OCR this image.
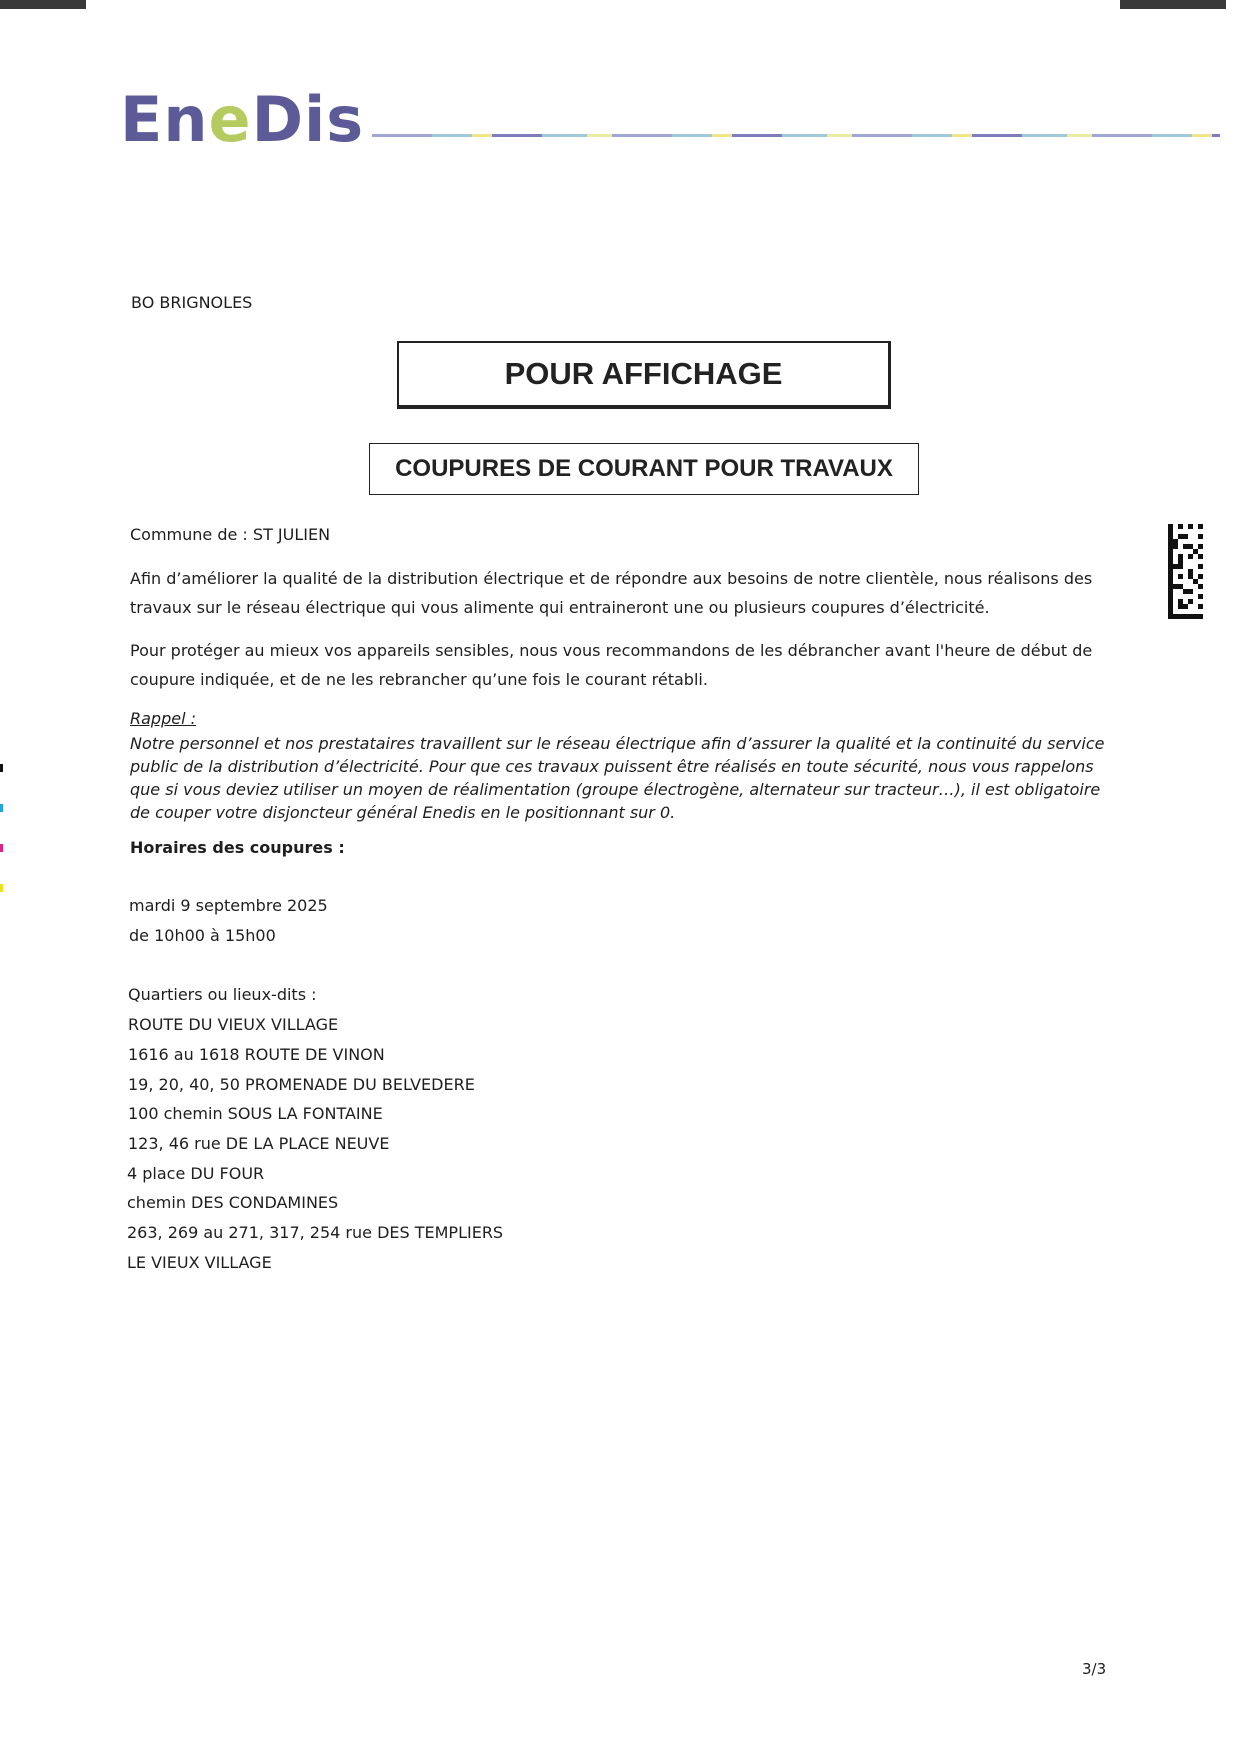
EneDis
BO BRIGNOLES
POUR AFFICHAGE
COUPURES DE COURANT POUR TRAVAUX
Commune de : ST JULIEN
Afin d’améliorer la qualité de la distribution électrique et de répondre aux besoins de notre clientèle, nous réalisons des travaux sur le réseau électrique qui vous alimente qui entraineront une ou plusieurs coupures d’électricité.
Pour protéger au mieux vos appareils sensibles, nous vous recommandons de les débrancher avant l'heure de début de coupure indiquée, et de ne les rebrancher qu’une fois le courant rétabli.
Rappel :
Notre personnel et nos prestataires travaillent sur le réseau électrique afin d’assurer la qualité et la continuité du service public de la distribution d’électricité. Pour que ces travaux puissent être réalisés en toute sécurité, nous vous rappelons que si vous deviez utiliser un moyen de réalimentation (groupe électrogène, alternateur sur tracteur…), il est obligatoire de couper votre disjoncteur général Enedis en le positionnant sur 0.
Horaires des coupures :
mardi 9 septembre 2025
de 10h00 à 15h00
Quartiers ou lieux-dits :
ROUTE DU VIEUX VILLAGE
1616 au 1618 ROUTE DE VINON
19, 20, 40, 50 PROMENADE DU BELVEDERE
100 chemin SOUS LA FONTAINE
123, 46 rue DE LA PLACE NEUVE
4 place DU FOUR
chemin DES CONDAMINES
263, 269 au 271, 317, 254 rue DES TEMPLIERS
LE VIEUX VILLAGE
3/3
